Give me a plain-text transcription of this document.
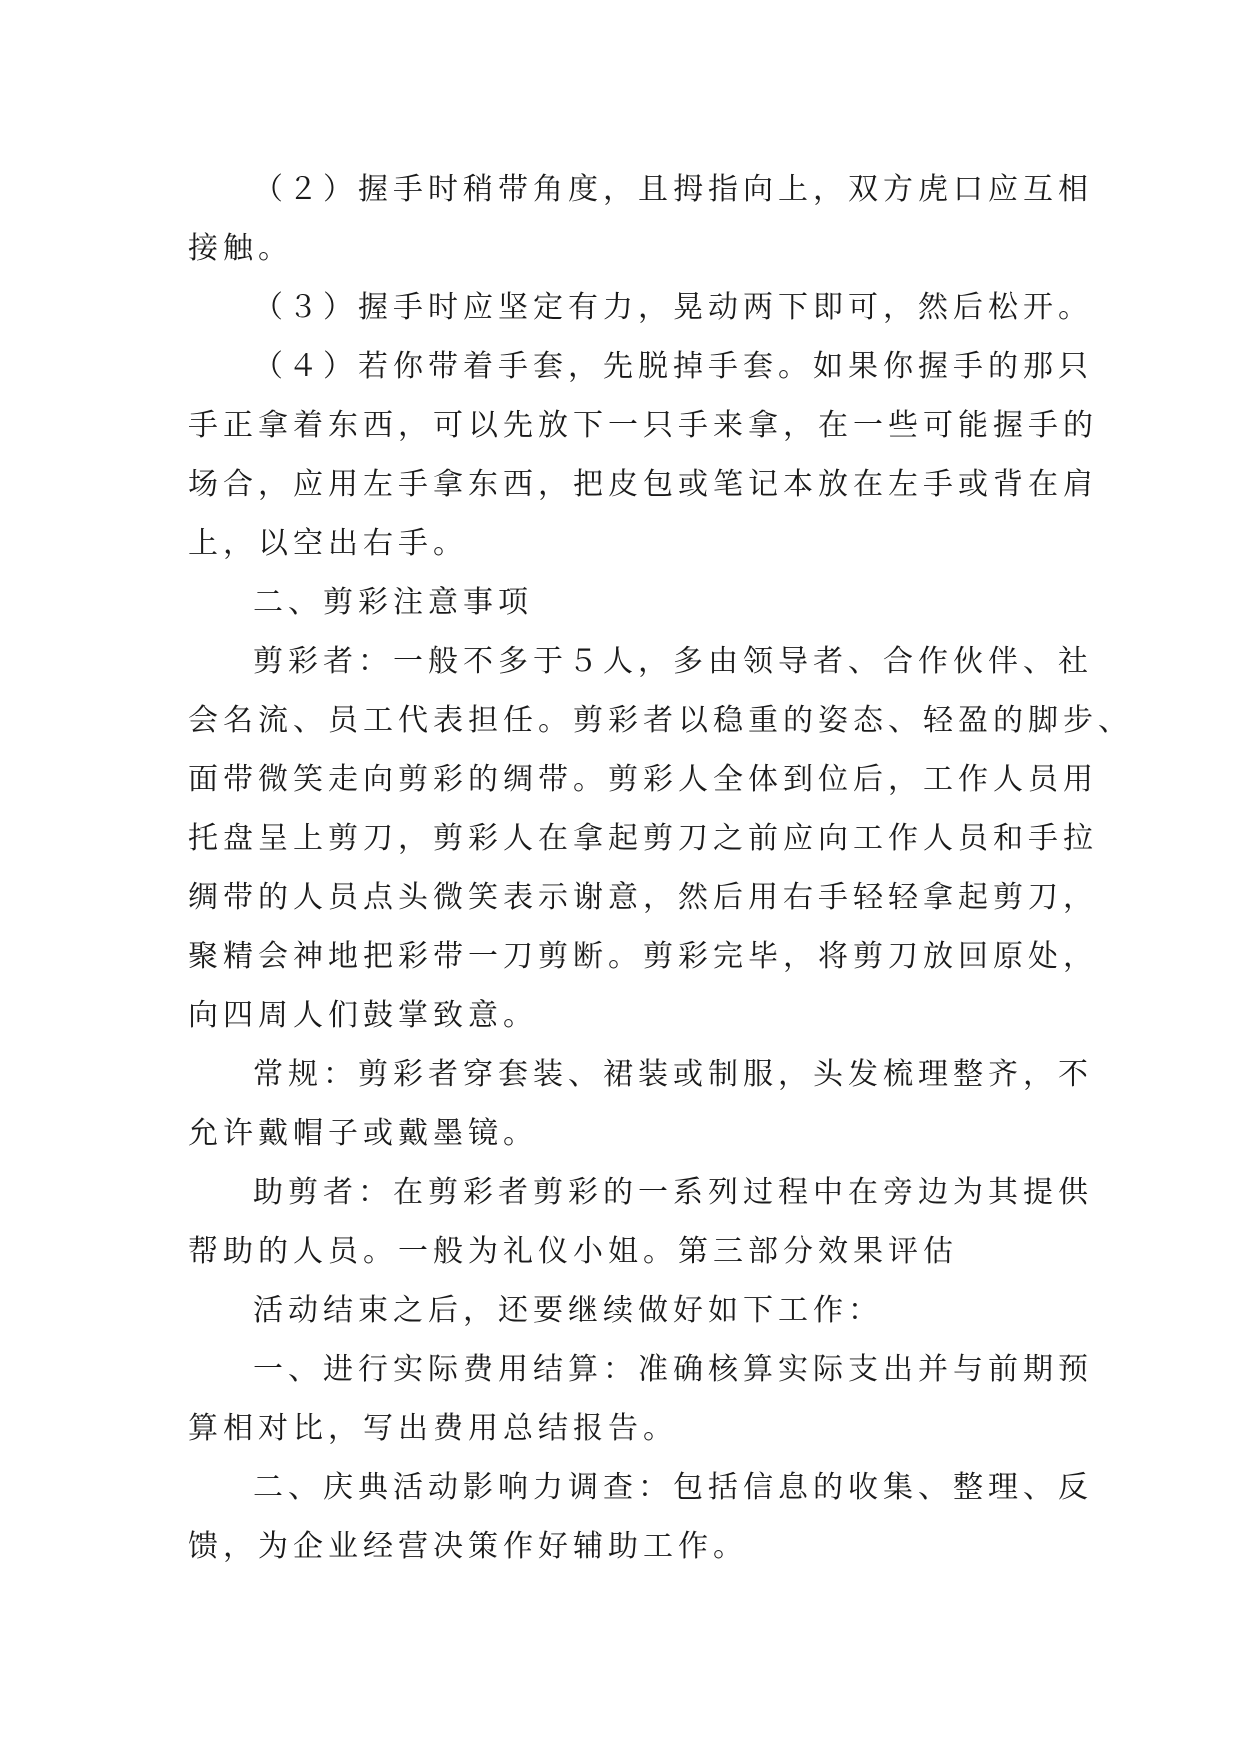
（２）握手时稍带角度，且拇指向上，双方虎口应互相
接触。
（３）握手时应坚定有力，晃动两下即可，然后松开。
（４）若你带着手套，先脱掉手套。如果你握手的那只
手正拿着东西，可以先放下一只手来拿，在一些可能握手的
场合，应用左手拿东西，把皮包或笔记本放在左手或背在肩
上，以空出右手。
二、剪彩注意事项
剪彩者：一般不多于５人，多由领导者、合作伙伴、社
会名流、员工代表担任。剪彩者以稳重的姿态、轻盈的脚步、
面带微笑走向剪彩的绸带。剪彩人全体到位后，工作人员用
托盘呈上剪刀，剪彩人在拿起剪刀之前应向工作人员和手拉
绸带的人员点头微笑表示谢意，然后用右手轻轻拿起剪刀，
聚精会神地把彩带一刀剪断。剪彩完毕，将剪刀放回原处，
向四周人们鼓掌致意。
常规：剪彩者穿套装、裙装或制服，头发梳理整齐，不
允许戴帽子或戴墨镜。
助剪者：在剪彩者剪彩的一系列过程中在旁边为其提供
帮助的人员。一般为礼仪小姐。第三部分效果评估
活动结束之后，还要继续做好如下工作：
一、进行实际费用结算：准确核算实际支出并与前期预
算相对比，写出费用总结报告。
二、庆典活动影响力调查：包括信息的收集、整理、反
馈，为企业经营决策作好辅助工作。
